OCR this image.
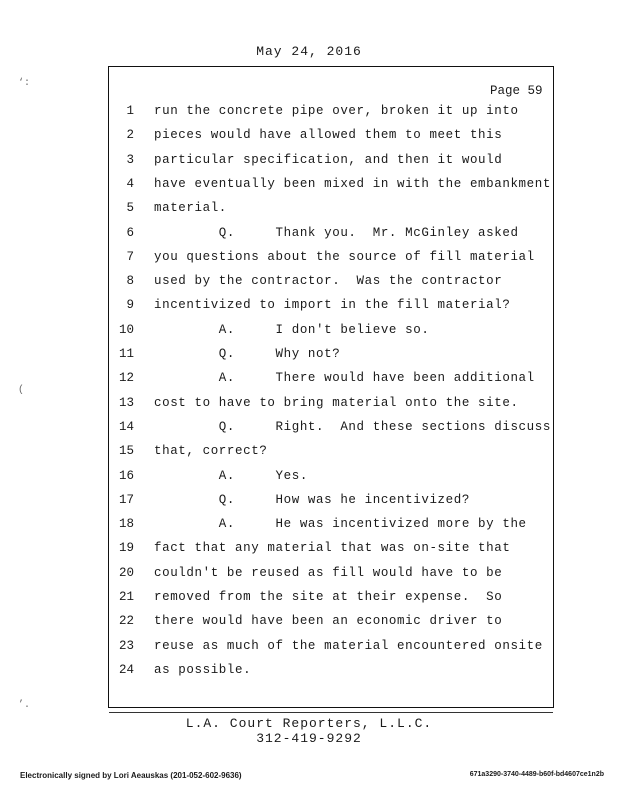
May 24, 2016
Page 59
1 run the concrete pipe over, broken it up into
2 pieces would have allowed them to meet this
3 particular specification, and then it would
4 have eventually been mixed in with the embankment
5 material.
6 Q.     Thank you.  Mr. McGinley asked
7 you questions about the source of fill material
8 used by the contractor.  Was the contractor
9 incentivized to import in the fill material?
10 A.     I don't believe so.
11 Q.     Why not?
12 A.     There would have been additional
13 cost to have to bring material onto the site.
14 Q.     Right.  And these sections discuss
15 that, correct?
16 A.     Yes.
17 Q.     How was he incentivized?
18 A.     He was incentivized more by the
19 fact that any material that was on-site that
20 couldn't be reused as fill would have to be
21 removed from the site at their expense.  So
22 there would have been an economic driver to
23 reuse as much of the material encountered onsite
24 as possible.
‘:
(
’.
L.A. Court Reporters, L.L.C.
312-419-9292
Electronically signed by Lori Aeauskas (201-052-602-9636)	671a3290-3740-4489-b60f-bd4607ce1n2b
